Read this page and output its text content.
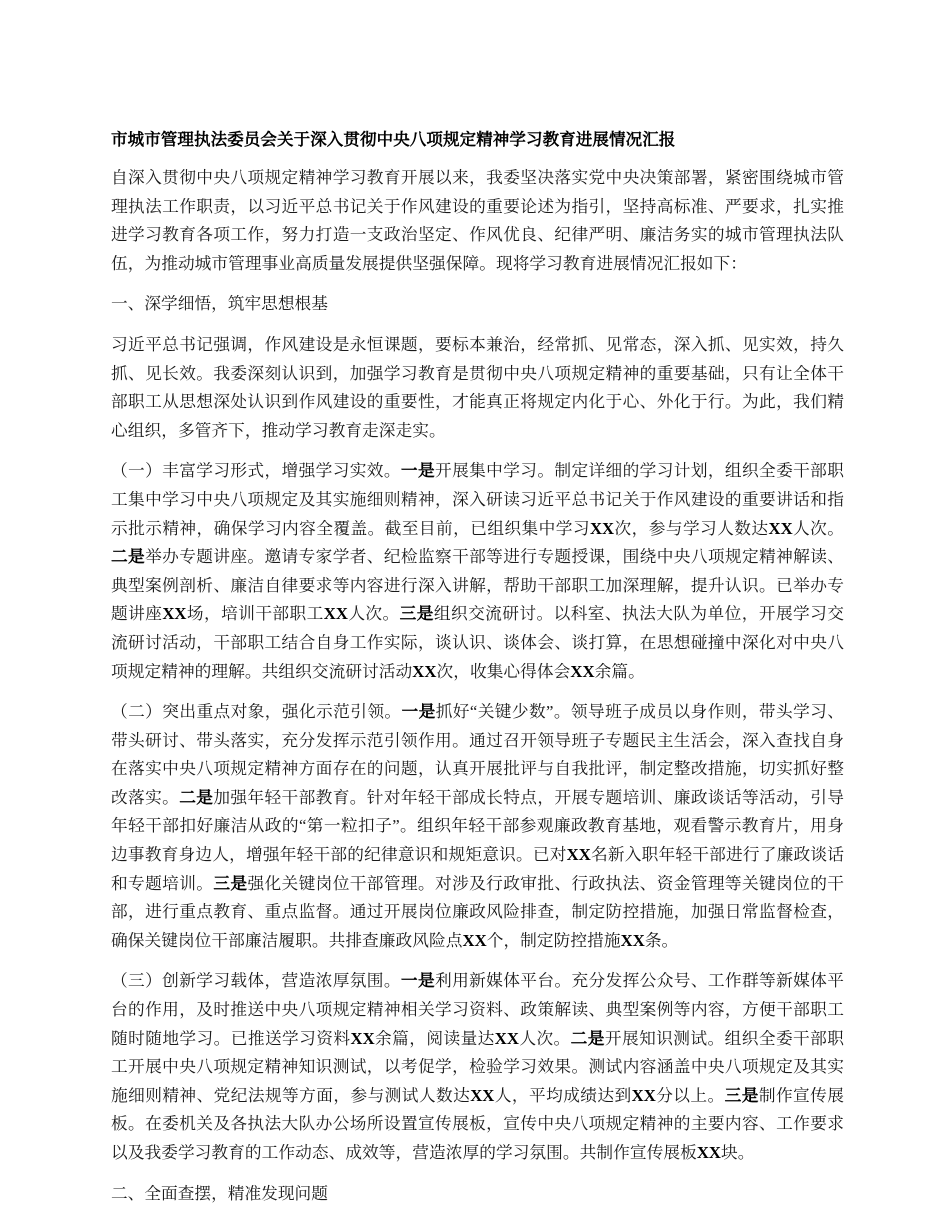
市城市管理执法委员会关于深入贯彻中央八项规定精神学习教育进展情况汇报

自深入贯彻中央八项规定精神学习教育开展以来，我委坚决落实党中央决策部署，紧密围绕城市管理执法工作职责，以习近平总书记关于作风建设的重要论述为指引，坚持高标准、严要求，扎实推进学习教育各项工作，努力打造一支政治坚定、作风优良、纪律严明、廉洁务实的城市管理执法队伍，为推动城市管理事业高质量发展提供坚强保障。现将学习教育进展情况汇报如下：

一、深学细悟，筑牢思想根基

习近平总书记强调，作风建设是永恒课题，要标本兼治，经常抓、见常态，深入抓、见实效，持久抓、见长效。我委深刻认识到，加强学习教育是贯彻中央八项规定精神的重要基础，只有让全体干部职工从思想深处认识到作风建设的重要性，才能真正将规定内化于心、外化于行。为此，我们精心组织，多管齐下，推动学习教育走深走实。

（一）丰富学习形式，增强学习实效。一是开展集中学习。制定详细的学习计划，组织全委干部职工集中学习中央八项规定及其实施细则精神，深入研读习近平总书记关于作风建设的重要讲话和指示批示精神，确保学习内容全覆盖。截至目前，已组织集中学习XX次，参与学习人数达XX人次。二是举办专题讲座。邀请专家学者、纪检监察干部等进行专题授课，围绕中央八项规定精神解读、典型案例剖析、廉洁自律要求等内容进行深入讲解，帮助干部职工加深理解，提升认识。已举办专题讲座XX场，培训干部职工XX人次。三是组织交流研讨。以科室、执法大队为单位，开展学习交流研讨活动，干部职工结合自身工作实际，谈认识、谈体会、谈打算，在思想碰撞中深化对中央八项规定精神的理解。共组织交流研讨活动XX次，收集心得体会XX余篇。

（二）突出重点对象，强化示范引领。一是抓好“关键少数”。领导班子成员以身作则，带头学习、带头研讨、带头落实，充分发挥示范引领作用。通过召开领导班子专题民主生活会，深入查找自身在落实中央八项规定精神方面存在的问题，认真开展批评与自我批评，制定整改措施，切实抓好整改落实。二是加强年轻干部教育。针对年轻干部成长特点，开展专题培训、廉政谈话等活动，引导年轻干部扣好廉洁从政的“第一粒扣子”。组织年轻干部参观廉政教育基地，观看警示教育片，用身边事教育身边人，增强年轻干部的纪律意识和规矩意识。已对XX名新入职年轻干部进行了廉政谈话和专题培训。三是强化关键岗位干部管理。对涉及行政审批、行政执法、资金管理等关键岗位的干部，进行重点教育、重点监督。通过开展岗位廉政风险排查，制定防控措施，加强日常监督检查，确保关键岗位干部廉洁履职。共排查廉政风险点XX个，制定防控措施XX条。

（三）创新学习载体，营造浓厚氛围。一是利用新媒体平台。充分发挥公众号、工作群等新媒体平台的作用，及时推送中央八项规定精神相关学习资料、政策解读、典型案例等内容，方便干部职工随时随地学习。已推送学习资料XX余篇，阅读量达XX人次。二是开展知识测试。组织全委干部职工开展中央八项规定精神知识测试，以考促学，检验学习效果。测试内容涵盖中央八项规定及其实施细则精神、党纪法规等方面，参与测试人数达XX人，平均成绩达到XX分以上。三是制作宣传展板。在委机关及各执法大队办公场所设置宣传展板，宣传中央八项规定精神的主要内容、工作要求以及我委学习教育的工作动态、成效等，营造浓厚的学习氛围。共制作宣传展板XX块。

二、全面查摆，精准发现问题
